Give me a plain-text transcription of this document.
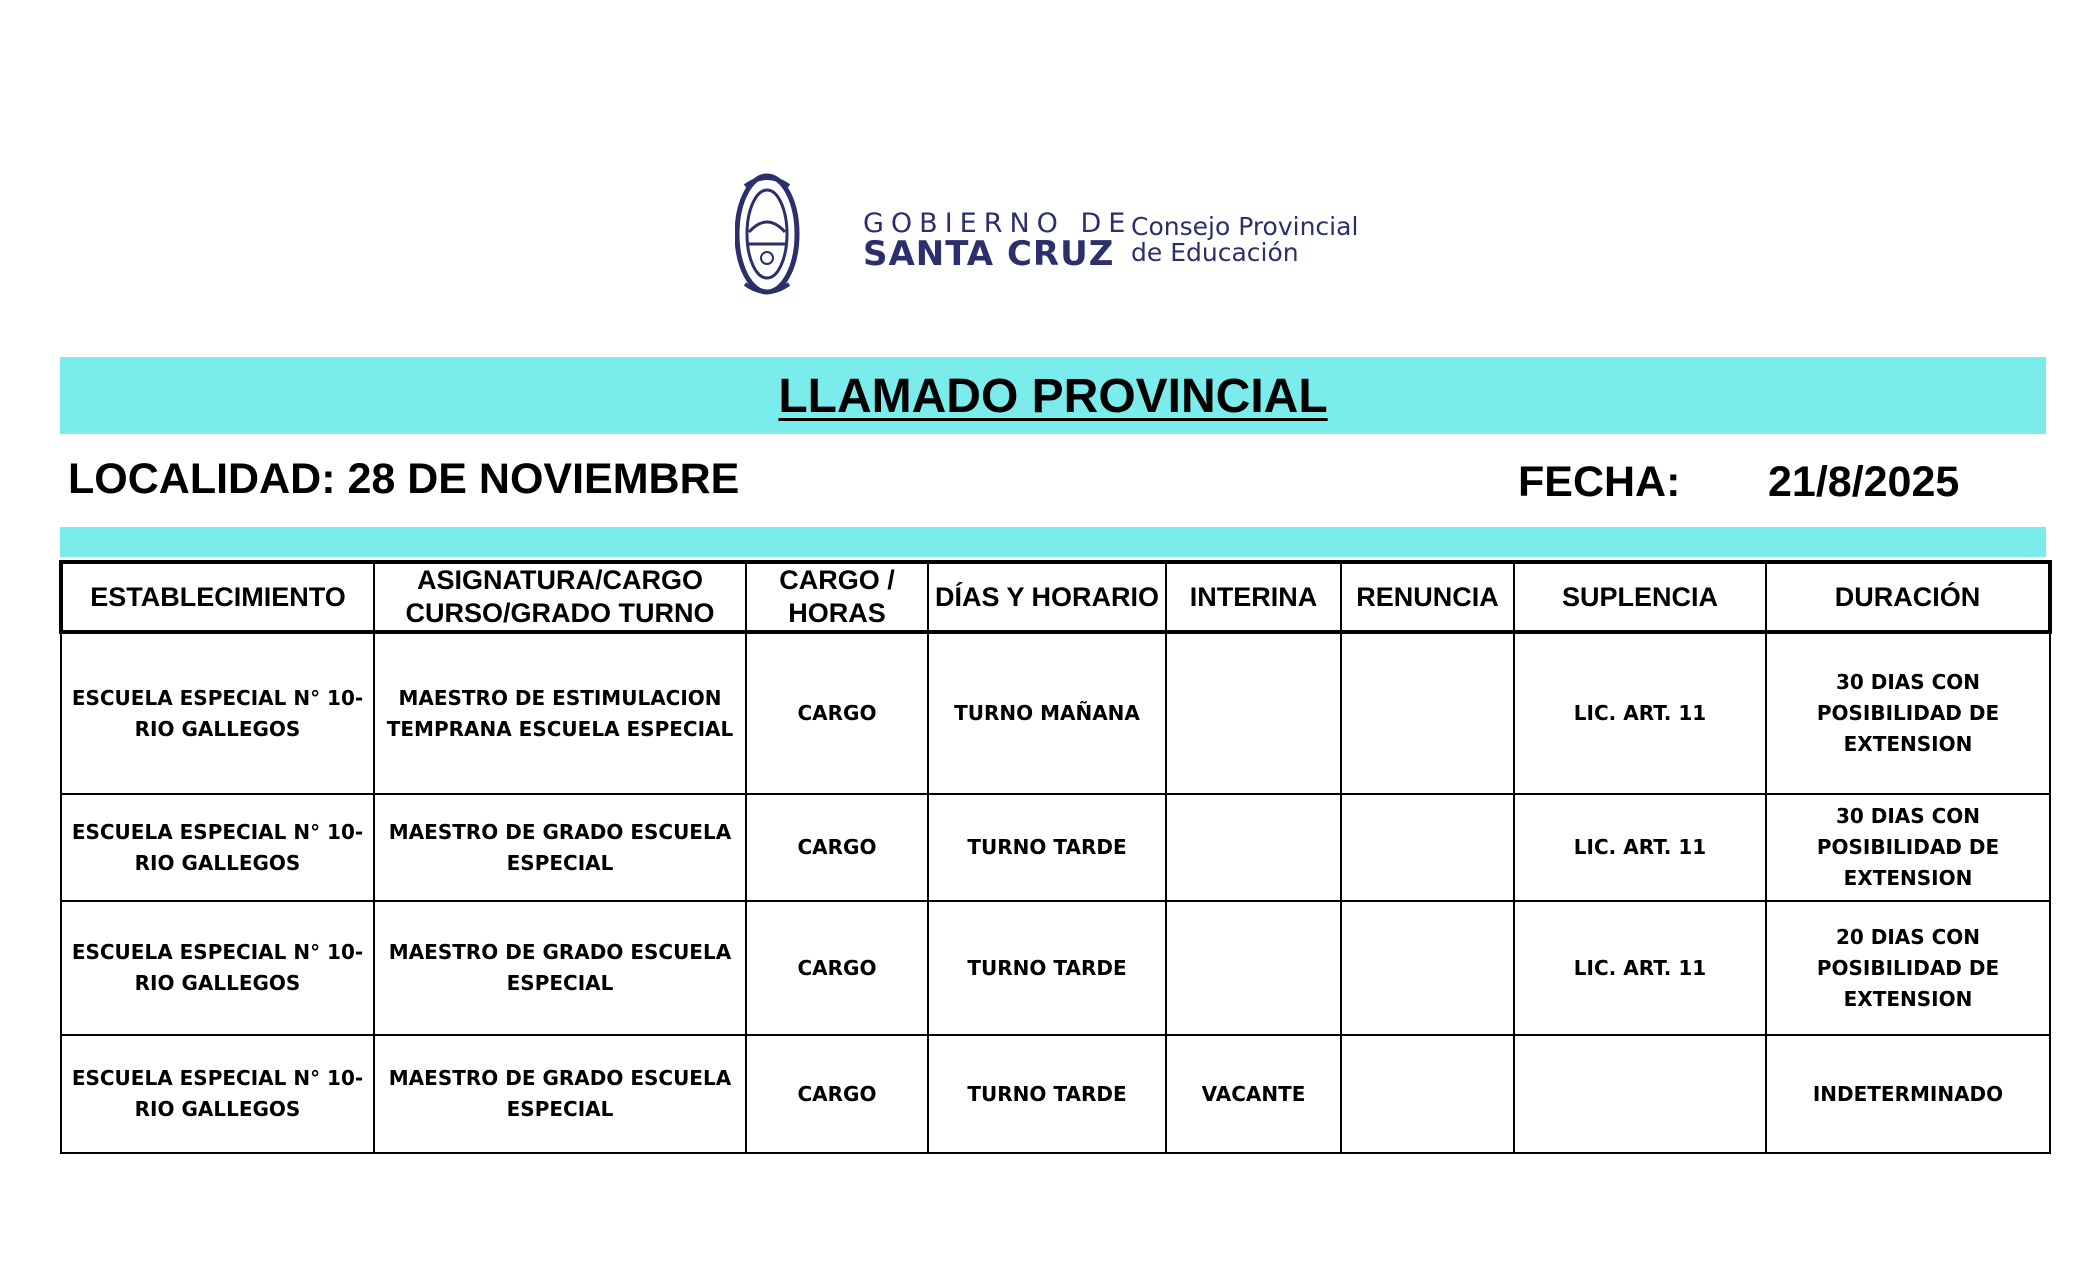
GOBIERNO DE
SANTA CRUZ
Consejo Provincial
de Educación
LLAMADO PROVINCIAL
LOCALIDAD: 28 DE NOVIEMBRE	FECHA: 21/8/2025
ESTABLECIMIENTO	ASIGNATURA/CARGO CURSO/GRADO TURNO	CARGO / HORAS	DÍAS Y HORARIO	INTERINA	RENUNCIA	SUPLENCIA	DURACIÓN
ESCUELA ESPECIAL N° 10- RIO GALLEGOS	MAESTRO DE ESTIMULACION TEMPRANA ESCUELA ESPECIAL	CARGO	TURNO MAÑANA			LIC. ART. 11	30 DIAS CON POSIBILIDAD DE EXTENSION
ESCUELA ESPECIAL N° 10- RIO GALLEGOS	MAESTRO DE GRADO ESCUELA ESPECIAL	CARGO	TURNO TARDE			LIC. ART. 11	30 DIAS CON POSIBILIDAD DE EXTENSION
ESCUELA ESPECIAL N° 10- RIO GALLEGOS	MAESTRO DE GRADO ESCUELA ESPECIAL	CARGO	TURNO TARDE			LIC. ART. 11	20 DIAS CON POSIBILIDAD DE EXTENSION
ESCUELA ESPECIAL N° 10- RIO GALLEGOS	MAESTRO DE GRADO ESCUELA ESPECIAL	CARGO	TURNO TARDE	VACANTE			INDETERMINADO
